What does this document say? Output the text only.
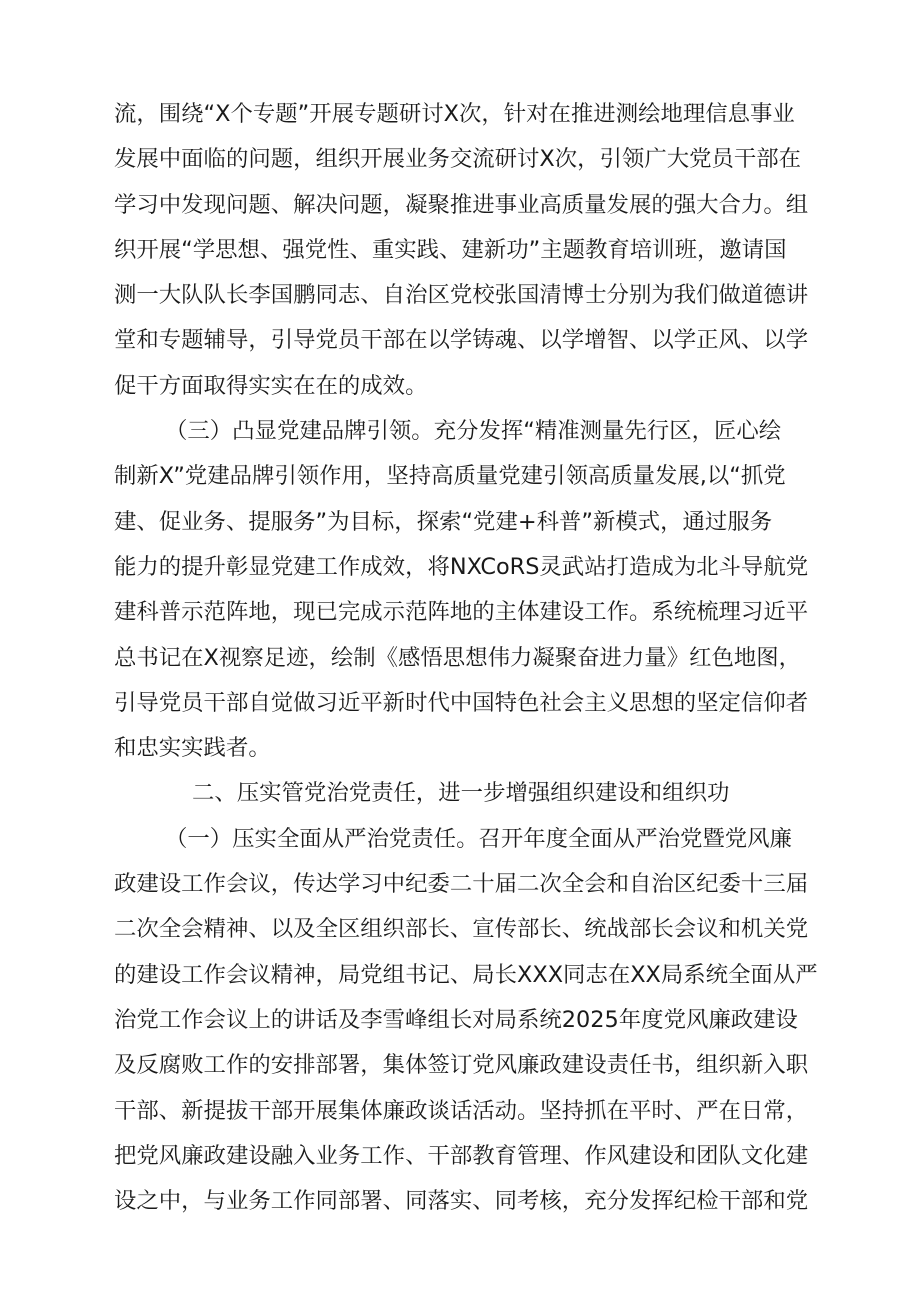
流，围绕“X个专题”开展专题研讨X次，针对在推进测绘地理信息事业
发展中面临的问题，组织开展业务交流研讨X次，引领广大党员干部在
学习中发现问题、解决问题，凝聚推进事业高质量发展的强大合力。组
织开展“学思想、强党性、重实践、建新功”主题教育培训班，邀请国
测一大队队长李国鹏同志、自治区党校张国清博士分别为我们做道德讲
堂和专题辅导，引导党员干部在以学铸魂、以学增智、以学正风、以学
促干方面取得实实在在的成效。
（三）凸显党建品牌引领。充分发挥“精准测量先行区，匠心绘
制新X”党建品牌引领作用，坚持高质量党建引领高质量发展,以“抓党
建、促业务、提服务”为目标，探索“党建+科普”新模式，通过服务
能力的提升彰显党建工作成效，将NXCoRS灵武站打造成为北斗导航党
建科普示范阵地，现已完成示范阵地的主体建设工作。系统梳理习近平
总书记在X视察足迹，绘制《感悟思想伟力凝聚奋进力量》红色地图，
引导党员干部自觉做习近平新时代中国特色社会主义思想的坚定信仰者
和忠实实践者。
二、压实管党治党责任，进一步增强组织建设和组织功
（一）压实全面从严治党责任。召开年度全面从严治党暨党风廉
政建设工作会议，传达学习中纪委二十届二次全会和自治区纪委十三届
二次全会精神、以及全区组织部长、宣传部长、统战部长会议和机关党
的建设工作会议精神，局党组书记、局长XXX同志在XX局系统全面从严
治党工作会议上的讲话及李雪峰组长对局系统2025年度党风廉政建设
及反腐败工作的安排部署，集体签订党风廉政建设责任书，组织新入职
干部、新提拔干部开展集体廉政谈话活动。坚持抓在平时、严在日常，
把党风廉政建设融入业务工作、干部教育管理、作风建设和团队文化建
设之中，与业务工作同部署、同落实、同考核，充分发挥纪检干部和党
